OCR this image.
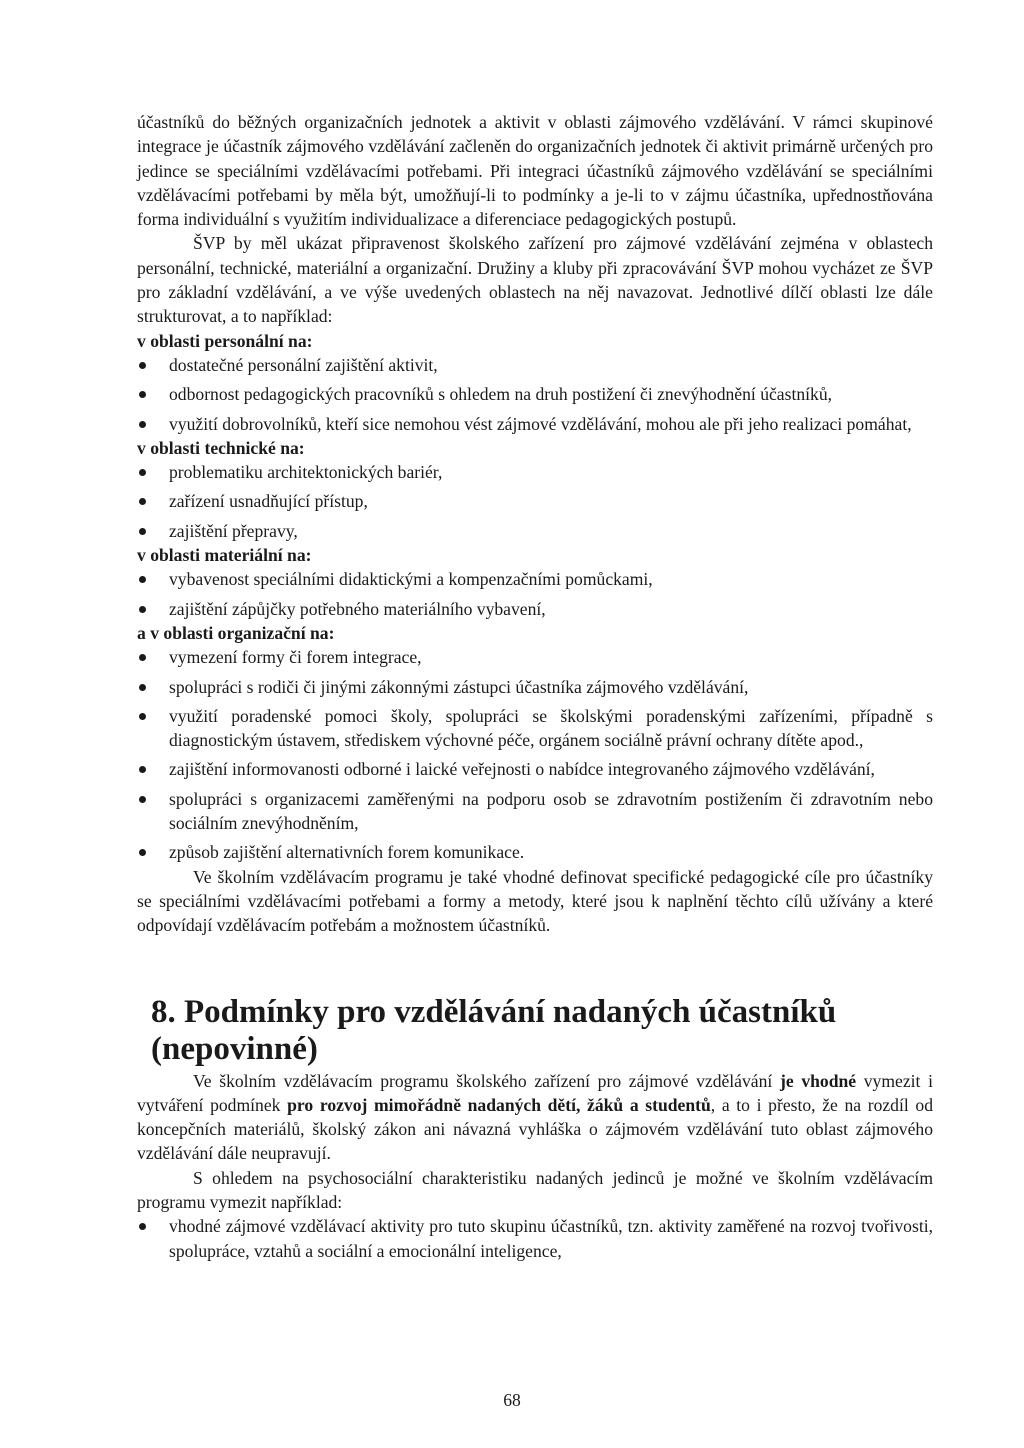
účastníků do běžných organizačních jednotek a aktivit v oblasti zájmového vzdělávání. V rámci skupinové integrace je účastník zájmového vzdělávání začleněn do organizačních jednotek či aktivit primárně určených pro jedince se speciálními vzdělávacími potřebami. Při integraci účastníků zájmového vzdělávání se speciálními vzdělávacími potřebami by měla být, umožňují-li to podmínky a je-li to v zájmu účastníka, upřednostňována forma individuální s využitím individualizace a diferenciace pedagogických postupů.

ŠVP by měl ukázat připravenost školského zařízení pro zájmové vzdělávání zejména v oblastech personální, technické, materiální a organizační. Družiny a kluby při zpracovávání ŠVP mohou vycházet ze ŠVP pro základní vzdělávání, a ve výše uvedených oblastech na něj navazovat. Jednotlivé dílčí oblasti lze dále strukturovat, a to například:

v oblasti personální na:

dostatečné personální zajištění aktivit,
odbornost pedagogických pracovníků s ohledem na druh postižení či znevýhodnění účastníků,
využití dobrovolníků, kteří sice nemohou vést zájmové vzdělávání, mohou ale při jeho realizaci pomáhat,

v oblasti technické na:

problematiku architektonických bariér,
zařízení usnadňující přístup,
zajištění přepravy,

v oblasti materiální na:

vybavenost speciálními didaktickými a kompenzačními pomůckami,
zajištění zápůjčky potřebného materiálního vybavení,

a v oblasti organizační na:

vymezení formy či forem integrace,
spolupráci s rodiči či jinými zákonnými zástupci účastníka zájmového vzdělávání,
využití poradenské pomoci školy, spolupráci se školskými poradenskými zařízeními, případně s diagnostickým ústavem, střediskem výchovné péče, orgánem sociálně právní ochrany dítěte apod.,
zajištění informovanosti odborné i laické veřejnosti o nabídce integrovaného zájmového vzdělávání,
spolupráci s organizacemi zaměřenými na podporu osob se zdravotním postižením či zdravotním nebo sociálním znevýhodněním,
způsob zajištění alternativních forem komunikace.

Ve školním vzdělávacím programu je také vhodné definovat specifické pedagogické cíle pro účastníky se speciálními vzdělávacími potřebami a formy a metody, které jsou k naplnění těchto cílů užívány a které odpovídají vzdělávacím potřebám a možnostem účastníků.

8. Podmínky pro vzdělávání nadaných účastníků
(nepovinné)

Ve školním vzdělávacím programu školského zařízení pro zájmové vzdělávání je vhodné vymezit i vytváření podmínek pro rozvoj mimořádně nadaných dětí, žáků a studentů, a to i přesto, že na rozdíl od koncepčních materiálů, školský zákon ani návazná vyhláška o zájmovém vzdělávání tuto oblast zájmového vzdělávání dále neupravují.

S ohledem na psychosociální charakteristiku nadaných jedinců je možné ve školním vzdělávacím programu vymezit například:

vhodné zájmové vzdělávací aktivity pro tuto skupinu účastníků, tzn. aktivity zaměřené na rozvoj tvořivosti, spolupráce, vztahů a sociální a emocionální inteligence,
68
